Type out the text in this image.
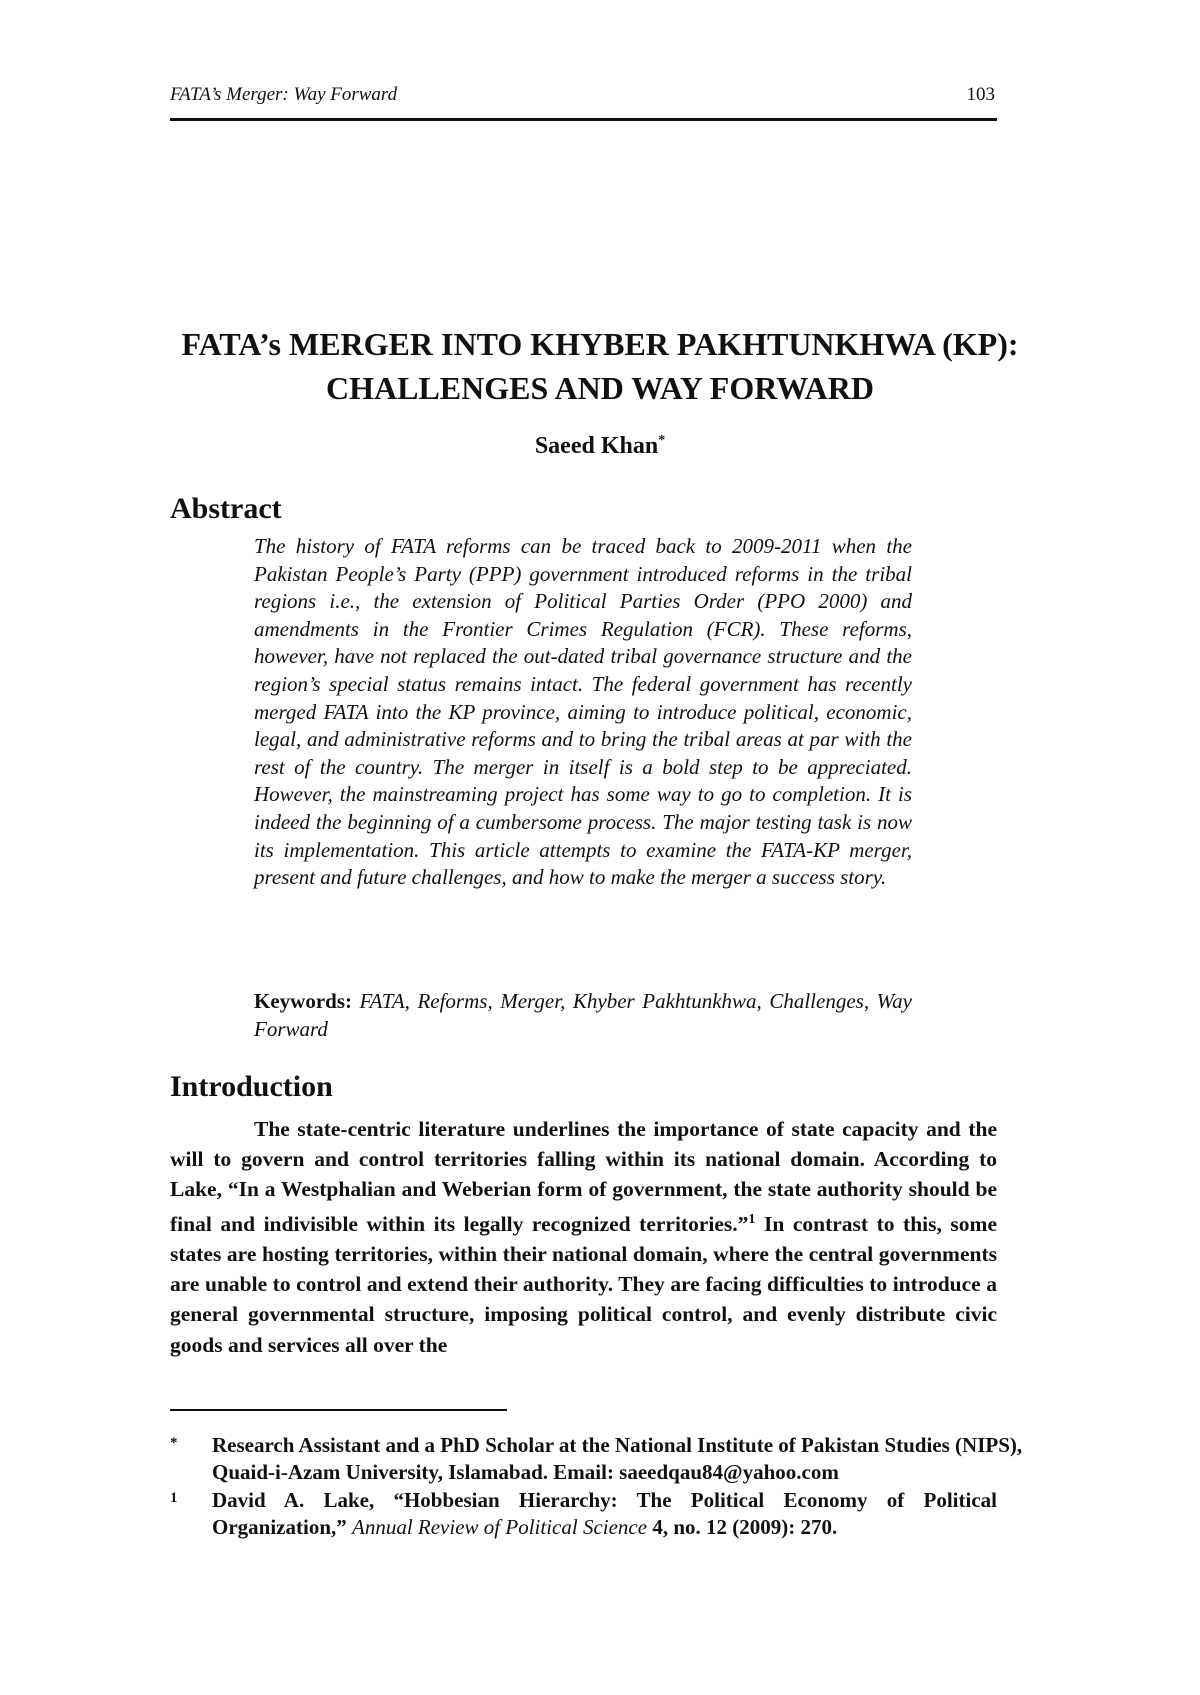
FATA’s Merger: Way Forward	103
FATA’s MERGER INTO KHYBER PAKHTUNKHWA (KP):
CHALLENGES AND WAY FORWARD
Saeed Khan*
Abstract

The history of FATA reforms can be traced back to 2009-2011 when the Pakistan People’s Party (PPP) government introduced reforms in the tribal regions i.e., the extension of Political Parties Order (PPO 2000) and amendments in the Frontier Crimes Regulation (FCR). These reforms, however, have not replaced the out-dated tribal governance structure and the region’s special status remains intact. The federal government has recently merged FATA into the KP province, aiming to introduce political, economic, legal, and administrative reforms and to bring the tribal areas at par with the rest of the country. The merger in itself is a bold step to be appreciated. However, the mainstreaming project has some way to go to completion. It is indeed the beginning of a cumbersome process. The major testing task is now its implementation. This article attempts to examine the FATA-KP merger, present and future challenges, and how to make the merger a success story.

Keywords: FATA, Reforms, Merger, Khyber Pakhtunkhwa, Challenges, Way Forward

Introduction

The state-centric literature underlines the importance of state capacity and the will to govern and control territories falling within its national domain. According to Lake, “In a Westphalian and Weberian form of government, the state authority should be final and indivisible within its legally recognized territories.”$^1$ In contrast to this, some states are hosting territories, within their national domain, where the central governments are unable to control and extend their authority. They are facing difficulties to introduce a general governmental structure, imposing political control, and evenly distribute civic goods and services all over the

* Research Assistant and a PhD Scholar at the National Institute of Pakistan Studies (NIPS), Quaid-i-Azam University, Islamabad. Email: saeedqau84@yahoo.com
1 David A. Lake, “Hobbesian Hierarchy: The Political Economy of Political Organization,” Annual Review of Political Science 4, no. 12 (2009): 270.
